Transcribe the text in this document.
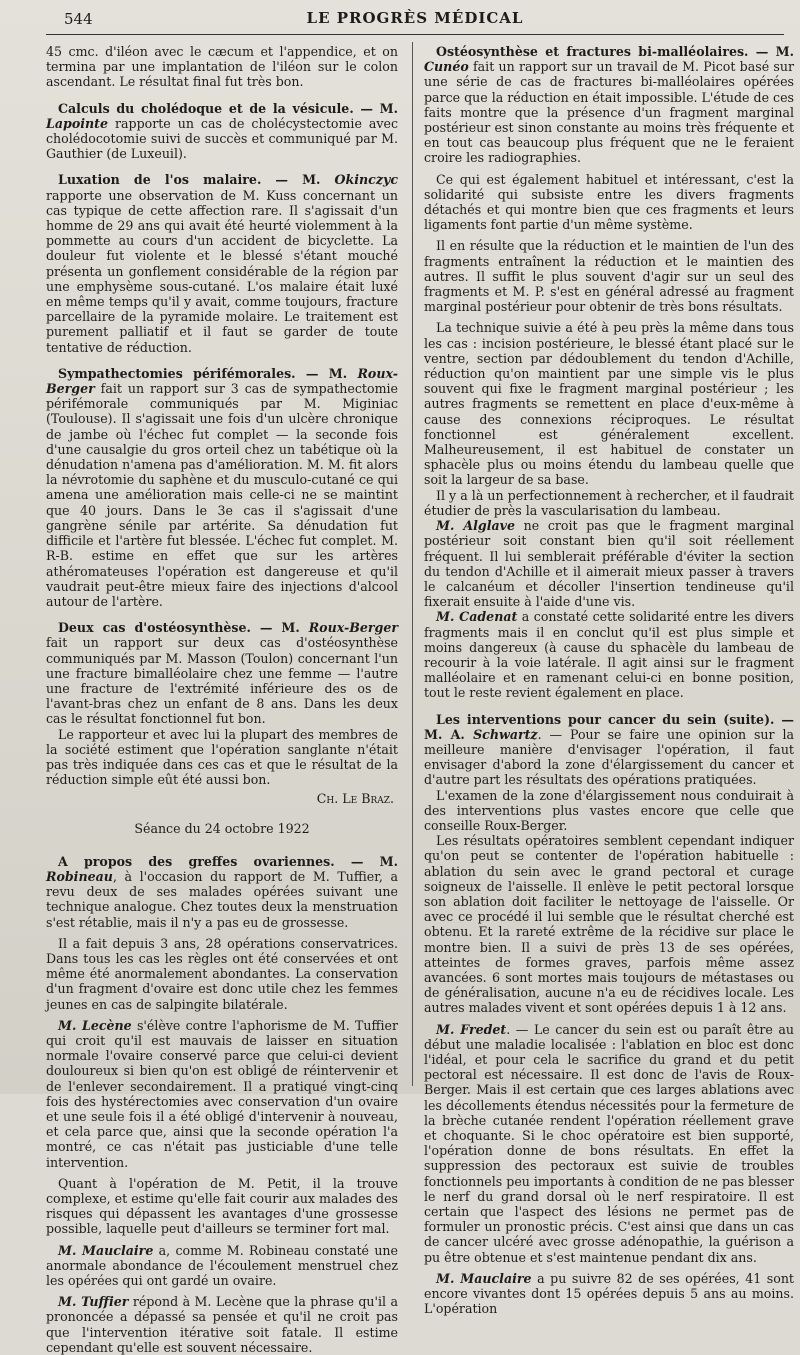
544	LE PROGRÈS MÉDICAL

45 cmc. d'iléon avec le cæcum et l'appendice, et on termina par une implantation de l'iléon sur le colon ascendant. Le résultat final fut très bon.

Calculs du cholédoque et de la vésicule. — M. Lapointe rapporte un cas de cholécystectomie avec cholédocotomie suivi de succès et communiqué par M. Gauthier (de Luxeuil).

Luxation de l'os malaire. — M. Okinczyc rapporte une observation de M. Kuss concernant un cas typique de cette affection rare. Il s'agissait d'un homme de 29 ans qui avait été heurté violemment à la pommette au cours d'un accident de bicyclette. La douleur fut violente et le blessé s'étant mouché présenta un gonflement considérable de la région par une emphysème sous-cutané. L'os malaire était luxé en même temps qu'il y avait, comme toujours, fracture parcellaire de la pyramide molaire. Le traitement est purement palliatif et il faut se garder de toute tentative de réduction.

Sympathectomies périfémorales. — M. Roux-Berger fait un rapport sur 3 cas de sympathectomie périfémorale communiqués par M. Miginiac (Toulouse). Il s'agissait une fois d'un ulcère chronique de jambe où l'échec fut complet — la seconde fois d'une causalgie du gros orteil chez un tabétique où la dénudation n'amena pas d'amélioration. M. M. fit alors la névrotomie du saphène et du musculo-cutané ce qui amena une amélioration mais celle-ci ne se maintint que 40 jours. Dans le 3e cas il s'agissait d'une gangrène sénile par artérite. Sa dénudation fut difficile et l'artère fut blessée. L'échec fut complet. M. R-B. estime en effet que sur les artères athéromateuses l'opération est dangereuse et qu'il vaudrait peut-être mieux faire des injections d'alcool autour de l'artère.

Deux cas d'ostéosynthèse. — M. Roux-Berger fait un rapport sur deux cas d'ostéosynthèse communiqués par M. Masson (Toulon) concernant l'un une fracture bimalléolaire chez une femme — l'autre une fracture de l'extrémité inférieure des os de l'avant-bras chez un enfant de 8 ans. Dans les deux cas le résultat fonctionnel fut bon.

Le rapporteur et avec lui la plupart des membres de la société estiment que l'opération sanglante n'était pas très indiquée dans ces cas et que le résultat de la réduction simple eût été aussi bon.

Ch. Le Braz.

Séance du 24 octobre 1922

A propos des greffes ovariennes. — M. Robineau, à l'occasion du rapport de M. Tuffier, a revu deux de ses malades opérées suivant une technique analogue. Chez toutes deux la menstruation s'est rétablie, mais il n'y a pas eu de grossesse.

Il a fait depuis 3 ans, 28 opérations conservatrices. Dans tous les cas les règles ont été conservées et ont même été anormalement abondantes. La conservation d'un fragment d'ovaire est donc utile chez les femmes jeunes en cas de salpingite bilatérale.

M. Lecène s'élève contre l'aphorisme de M. Tuffier qui croit qu'il est mauvais de laisser en situation normale l'ovaire conservé parce que celui-ci devient douloureux si bien qu'on est obligé de réintervenir et de l'enlever secondairement. Il a pratiqué vingt-cinq fois des hystérectomies avec conservation d'un ovaire et une seule fois il a été obligé d'intervenir à nouveau, et cela parce que, ainsi que la seconde opération l'a montré, ce cas n'était pas justiciable d'une telle intervention.

Quant à l'opération de M. Petit, il la trouve complexe, et estime qu'elle fait courir aux malades des risques qui dépassent les avantages d'une grossesse possible, laquelle peut d'ailleurs se terminer fort mal.

M. Mauclaire a, comme M. Robineau constaté une anormale abondance de l'écoulement menstruel chez les opérées qui ont gardé un ovaire.

M. Tuffier répond à M. Lecène que la phrase qu'il a prononcée a dépassé sa pensée et qu'il ne croit pas que l'intervention itérative soit fatale. Il estime cependant qu'elle est souvent nécessaire.

Ostéosynthèse et fractures bi-malléolaires. — M. Cunéo fait un rapport sur un travail de M. Picot basé sur une série de cas de fractures bi-malléolaires opérées parce que la réduction en était impossible. L'étude de ces faits montre que la présence d'un fragment marginal postérieur est sinon constante au moins très fréquente et en tout cas beaucoup plus fréquent que ne le feraient croire les radiographies.

Ce qui est également habituel et intéressant, c'est la solidarité qui subsiste entre les divers fragments détachés et qui montre bien que ces fragments et leurs ligaments font partie d'un même système.

Il en résulte que la réduction et le maintien de l'un des fragments entraînent la réduction et le maintien des autres. Il suffit le plus souvent d'agir sur un seul des fragments et M. P. s'est en général adressé au fragment marginal postérieur pour obtenir de très bons résultats.

La technique suivie a été à peu près la même dans tous les cas : incision postérieure, le blessé étant placé sur le ventre, section par dédoublement du tendon d'Achille, réduction qu'on maintient par une simple vis le plus souvent qui fixe le fragment marginal postérieur ; les autres fragments se remettent en place d'eux-même à cause des connexions réciproques. Le résultat fonctionnel est généralement excellent. Malheureusement, il est habituel de constater un sphacèle plus ou moins étendu du lambeau quelle que soit la largeur de sa base.

Il y a là un perfectionnement à rechercher, et il faudrait étudier de près la vascularisation du lambeau.

M. Alglave ne croit pas que le fragment marginal postérieur soit constant bien qu'il soit réellement fréquent. Il lui semblerait préférable d'éviter la section du tendon d'Achille et il aimerait mieux passer à travers le calcanéum et décoller l'insertion tendineuse qu'il fixerait ensuite à l'aide d'une vis.

M. Cadenat a constaté cette solidarité entre les divers fragments mais il en conclut qu'il est plus simple et moins dangereux (à cause du sphacèle du lambeau de recourir à la voie latérale. Il agit ainsi sur le fragment malléolaire et en ramenant celui-ci en bonne position, tout le reste revient également en place.

Les interventions pour cancer du sein (suite). — M. A. Schwartz. — Pour se faire une opinion sur la meilleure manière d'envisager l'opération, il faut envisager d'abord la zone d'élargissement du cancer et d'autre part les résultats des opérations pratiquées.

L'examen de la zone d'élargissement nous conduirait à des interventions plus vastes encore que celle que conseille Roux-Berger.

Les résultats opératoires semblent cependant indiquer qu'on peut se contenter de l'opération habituelle : ablation du sein avec le grand pectoral et curage soigneux de l'aisselle. Il enlève le petit pectoral lorsque son ablation doit faciliter le nettoyage de l'aisselle. Or avec ce procédé il lui semble que le résultat cherché est obtenu. Et la rareté extrême de la récidive sur place le montre bien. Il a suivi de près 13 de ses opérées, atteintes de formes graves, parfois même assez avancées. 6 sont mortes mais toujours de métastases ou de généralisation, aucune n'a eu de récidives locale. Les autres malades vivent et sont opérées depuis 1 à 12 ans.

M. Fredet. — Le cancer du sein est ou paraît être au début une maladie localisée : l'ablation en bloc est donc l'idéal, et pour cela le sacrifice du grand et du petit pectoral est nécessaire. Il est donc de l'avis de Roux-Berger. Mais il est certain que ces larges ablations avec les décollements étendus nécessités pour la fermeture de la brèche cutanée rendent l'opération réellement grave et choquante. Si le choc opératoire est bien supporté, l'opération donne de bons résultats. En effet la suppression des pectoraux est suivie de troubles fonctionnels peu importants à condition de ne pas blesser le nerf du grand dorsal où le nerf respiratoire. Il est certain que l'aspect des lésions ne permet pas de formuler un pronostic précis. C'est ainsi que dans un cas de cancer ulcéré avec grosse adénopathie, la guérison a pu être obtenue et s'est maintenue pendant dix ans.

M. Mauclaire a pu suivre 82 de ses opérées, 41 sont encore vivantes dont 15 opérées depuis 5 ans au moins. L'opération
